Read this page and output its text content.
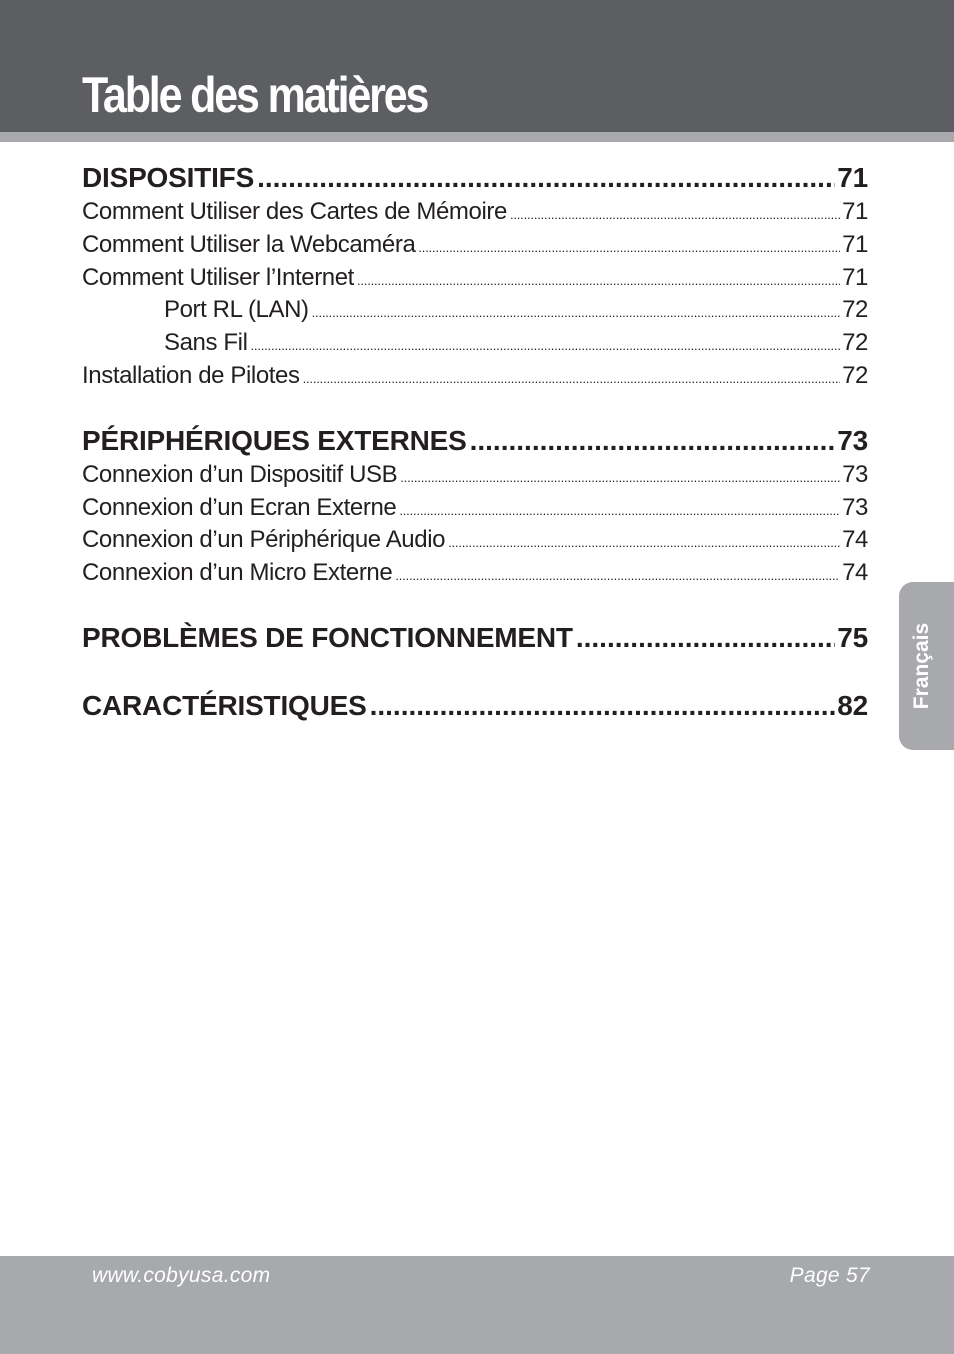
Table des matières
DISPOSITIFS .....	71
Comment Utiliser des Cartes de Mémoire .....	71
Comment Utiliser la Webcaméra .....	71
Comment Utiliser l’Internet .....	71
Port RL (LAN) .....	72
Sans Fil .....	72
Installation de Pilotes .....	72
PÉRIPHÉRIQUES EXTERNES .....	73
Connexion d’un Dispositif USB .....	73
Connexion d’un Ecran Externe .....	73
Connexion d’un Périphérique Audio .....	74
Connexion d’un Micro Externe .....	74
PROBLÈMES DE FONCTIONNEMENT .....	75
CARACTÉRISTIQUES .....	82 Français
www.cobyusa.com	Page 57
